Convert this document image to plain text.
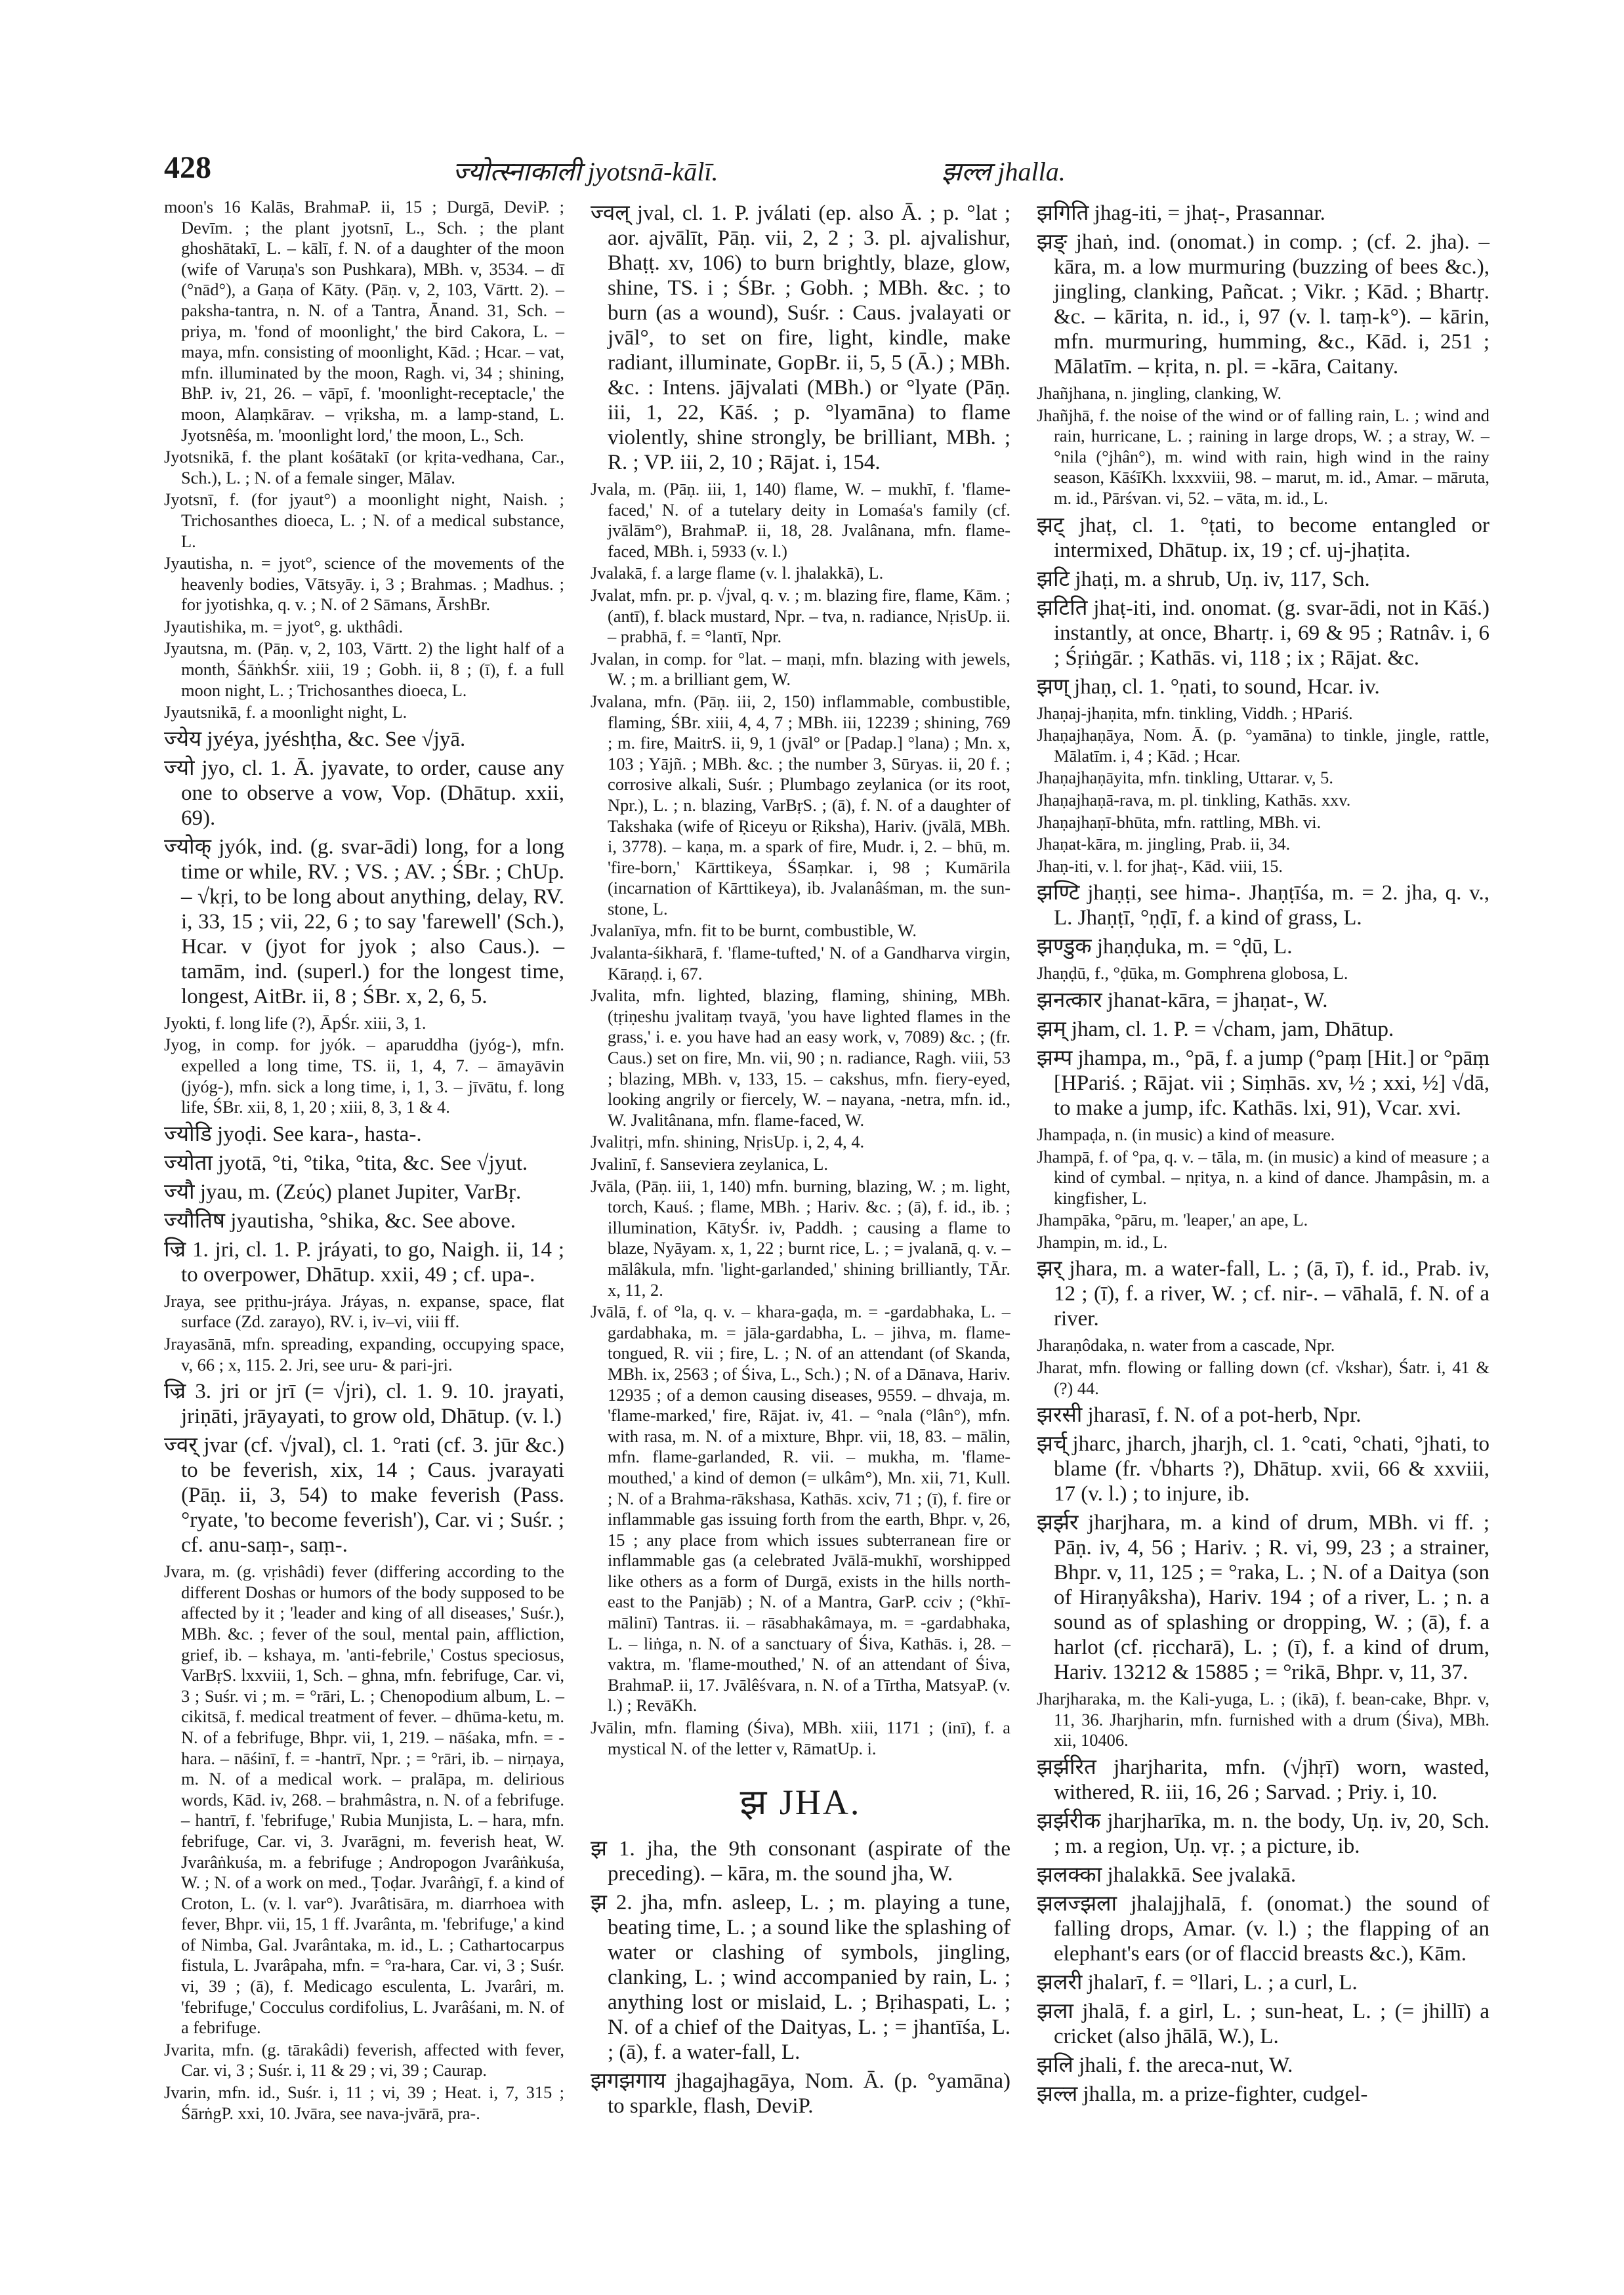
428	ज्योत्स्नाकाली jyotsnā-kālī.	झल्ल jhalla.

moon's 16 Kalās, BrahmaP. ii, 15 ; Durgā, DeviP. ; Devīm. ; the plant jyotsnī, L., Sch. ; the plant ghoshātakī, L. – kālī, f. N. of a daughter of the moon (wife of Varuṇa's son Pushkara), MBh. v, 3534. – dī (°nād°), a Gaṇa of Kāty. (Pāṇ. v, 2, 103, Vārtt. 2). – paksha-tantra, n. N. of a Tantra, Ānand. 31, Sch. – priya, m. 'fond of moonlight,' the bird Cakora, L. – maya, mfn. consisting of moonlight, Kād. ; Hcar. – vat, mfn. illuminated by the moon, Ragh. vi, 34 ; shining, BhP. iv, 21, 26. – vāpī, f. 'moonlight-receptacle,' the moon, Alaṃkārav. – vṛiksha, m. a lamp-stand, L. Jyotsnêśa, m. 'moonlight lord,' the moon, L., Sch.

Jyotsnikā, f. the plant kośātakī (or kṛita-vedhana, Car., Sch.), L. ; N. of a female singer, Mālav.

Jyotsnī, f. (for jyaut°) a moonlight night, Naish. ; Trichosanthes dioeca, L. ; N. of a medical substance, L.

Jyautisha, n. = jyot°, science of the movements of the heavenly bodies, Vātsyāy. i, 3 ; Brahmas. ; Madhus. ; for jyotishka, q. v. ; N. of 2 Sāmans, ĀrshBr.

Jyautishika, m. = jyot°, g. ukthâdi.

Jyautsna, m. (Pāṇ. v, 2, 103, Vārtt. 2) the light half of a month, ŚāṅkhŚr. xiii, 19 ; Gobh. ii, 8 ; (ī), f. a full moon night, L. ; Trichosanthes dioeca, L.

Jyautsnikā, f. a moonlight night, L.

ज्येय jyéya, jyéshṭha, &c. See √jyā.

ज्यो jyo, cl. 1. Ā. jyavate, to order, cause any one to observe a vow, Vop. (Dhātup. xxii, 69).

ज्योक् jyók, ind. (g. svar-ādi) long, for a long time or while, RV. ; VS. ; AV. ; ŚBr. ; ChUp. – √kṛi, to be long about anything, delay, RV. i, 33, 15 ; vii, 22, 6 ; to say 'farewell' (Sch.), Hcar. v (jyot for jyok ; also Caus.). – tamām, ind. (superl.) for the longest time, longest, AitBr. ii, 8 ; ŚBr. x, 2, 6, 5.

Jyokti, f. long life (?), ĀpŚr. xiii, 3, 1.

Jyog, in comp. for jyók. – aparuddha (jyóg-), mfn. expelled a long time, TS. ii, 1, 4, 7. – āmayāvin (jyóg-), mfn. sick a long time, i, 1, 3. – jīvātu, f. long life, ŚBr. xii, 8, 1, 20 ; xiii, 8, 3, 1 & 4.

ज्योडि jyoḍi. See kara-, hasta-.

ज्योता jyotā, °ti, °tika, °tita, &c. See √jyut.

ज्यौ jyau, m. (Ζεύς) planet Jupiter, VarBṛ.

ज्यौतिष jyautisha, °shika, &c. See above.

ज्रि 1. jri, cl. 1. P. jráyati, to go, Naigh. ii, 14 ; to overpower, Dhātup. xxii, 49 ; cf. upa-.

Jraya, see pṛithu-jráya. Jráyas, n. expanse, space, flat surface (Zd. zarayo), RV. i, iv–vi, viii ff.

Jrayasānā, mfn. spreading, expanding, occupying space, v, 66 ; x, 115. 2. Jri, see uru- & pari-jri.

ज्रि 3. jri or jrī (= √jri), cl. 1. 9. 10. jrayati, jriṇāti, jrāyayati, to grow old, Dhātup. (v. l.)

ज्वर् jvar (cf. √jval), cl. 1. °rati (cf. 3. jūr &c.) to be feverish, xix, 14 ; Caus. jvarayati (Pāṇ. ii, 3, 54) to make feverish (Pass. °ryate, 'to become feverish'), Car. vi ; Suśr. ; cf. anu-saṃ-, saṃ-.

Jvara, m. (g. vṛishâdi) fever (differing according to the different Doshas or humors of the body supposed to be affected by it ; 'leader and king of all diseases,' Suśr.), MBh. &c. ; fever of the soul, mental pain, affliction, grief, ib. – kshaya, m. 'anti-febrile,' Costus speciosus, VarBṛS. lxxviii, 1, Sch. – ghna, mfn. febrifuge, Car. vi, 3 ; Suśr. vi ; m. = °rāri, L. ; Chenopodium album, L. – cikitsā, f. medical treatment of fever. – dhūma-ketu, m. N. of a febrifuge, Bhpr. vii, 1, 219. – nāśaka, mfn. = -hara. – nāśinī, f. = -hantrī, Npr. ; = °rāri, ib. – nirṇaya, m. N. of a medical work. – pralāpa, m. delirious words, Kād. iv, 268. – brahmâstra, n. N. of a febrifuge. – hantrī, f. 'febrifuge,' Rubia Munjista, L. – hara, mfn. febrifuge, Car. vi, 3. Jvarāgni, m. feverish heat, W. Jvarâṅkuśa, m. a febrifuge ; Andropogon Jvarâṅkuśa, W. ; N. of a work on med., Ṭoḍar. Jvarâṅgī, f. a kind of Croton, L. (v. l. var°). Jvarâtisāra, m. diarrhoea with fever, Bhpr. vii, 15, 1 ff. Jvarânta, m. 'febrifuge,' a kind of Nimba, Gal. Jvarântaka, m. id., L. ; Cathartocarpus fistula, L. Jvarâpaha, mfn. = °ra-hara, Car. vi, 3 ; Suśr. vi, 39 ; (ā), f. Medicago esculenta, L. Jvarâri, m. 'febrifuge,' Cocculus cordifolius, L. Jvarâśani, m. N. of a febrifuge.

Jvarita, mfn. (g. tārakâdi) feverish, affected with fever, Car. vi, 3 ; Suśr. i, 11 & 29 ; vi, 39 ; Caurap.

Jvarin, mfn. id., Suśr. i, 11 ; vi, 39 ; Heat. i, 7, 315 ; ŚārṅgP. xxi, 10. Jvāra, see nava-jvārā, pra-.

ज्वल् jval, cl. 1. P. jválati (ep. also Ā. ; p. °lat ; aor. ajvālīt, Pāṇ. vii, 2, 2 ; 3. pl. ajvalishur, Bhaṭṭ. xv, 106) to burn brightly, blaze, glow, shine, TS. i ; ŚBr. ; Gobh. ; MBh. &c. ; to burn (as a wound), Suśr. : Caus. jvalayati or jvāl°, to set on fire, light, kindle, make radiant, illuminate, GopBr. ii, 5, 5 (Ā.) ; MBh. &c. : Intens. jājvalati (MBh.) or °lyate (Pāṇ. iii, 1, 22, Kāś. ; p. °lyamāna) to flame violently, shine strongly, be brilliant, MBh. ; R. ; VP. iii, 2, 10 ; Rājat. i, 154.

Jvala, m. (Pāṇ. iii, 1, 140) flame, W. – mukhī, f. 'flame-faced,' N. of a tutelary deity in Lomaśa's family (cf. jvālām°), BrahmaP. ii, 18, 28. Jvalânana, mfn. flame-faced, MBh. i, 5933 (v. l.)

Jvalakā, f. a large flame (v. l. jhalakkā), L.

Jvalat, mfn. pr. p. √jval, q. v. ; m. blazing fire, flame, Kām. ; (antī), f. black mustard, Npr. – tva, n. radiance, NṛisUp. ii. – prabhā, f. = °lantī, Npr.

Jvalan, in comp. for °lat. – maṇi, mfn. blazing with jewels, W. ; m. a brilliant gem, W.

Jvalana, mfn. (Pāṇ. iii, 2, 150) inflammable, combustible, flaming, ŚBr. xiii, 4, 4, 7 ; MBh. iii, 12239 ; shining, 769 ; m. fire, MaitrS. ii, 9, 1 (jvāl° or [Padap.] °lana) ; Mn. x, 103 ; Yājñ. ; MBh. &c. ; the number 3, Sūryas. ii, 20 f. ; corrosive alkali, Suśr. ; Plumbago zeylanica (or its root, Npr.), L. ; n. blazing, VarBṛS. ; (ā), f. N. of a daughter of Takshaka (wife of Ṛiceyu or Ṛiksha), Hariv. (jvālā, MBh. i, 3778). – kaṇa, m. a spark of fire, Mudr. i, 2. – bhū, m. 'fire-born,' Kārttikeya, ŚSaṃkar. i, 98 ; Kumārila (incarnation of Kārttikeya), ib. Jvalanâśman, m. the sun-stone, L.

Jvalanīya, mfn. fit to be burnt, combustible, W.

Jvalanta-śikharā, f. 'flame-tufted,' N. of a Gandharva virgin, Kāraṇḍ. i, 67.

Jvalita, mfn. lighted, blazing, flaming, shining, MBh. (tṛiṇeshu jvalitaṃ tvayā, 'you have lighted flames in the grass,' i. e. you have had an easy work, v, 7089) &c. ; (fr. Caus.) set on fire, Mn. vii, 90 ; n. radiance, Ragh. viii, 53 ; blazing, MBh. v, 133, 15. – cakshus, mfn. fiery-eyed, looking angrily or fiercely, W. – nayana, -netra, mfn. id., W. Jvalitânana, mfn. flame-faced, W.

Jvalitṛi, mfn. shining, NṛisUp. i, 2, 4, 4.

Jvalinī, f. Sanseviera zeylanica, L.

Jvāla, (Pāṇ. iii, 1, 140) mfn. burning, blazing, W. ; m. light, torch, Kauś. ; flame, MBh. ; Hariv. &c. ; (ā), f. id., ib. ; illumination, KātyŚr. iv, Paddh. ; causing a flame to blaze, Nyāyam. x, 1, 22 ; burnt rice, L. ; = jvalanā, q. v. – mālâkula, mfn. 'light-garlanded,' shining brilliantly, TĀr. x, 11, 2.

Jvālā, f. of °la, q. v. – khara-gaḍa, m. = -gardabhaka, L. – gardabhaka, m. = jāla-gardabha, L. – jihva, m. flame-tongued, R. vii ; fire, L. ; N. of an attendant (of Skanda, MBh. ix, 2563 ; of Śiva, L., Sch.) ; N. of a Dānava, Hariv. 12935 ; of a demon causing diseases, 9559. – dhvaja, m. 'flame-marked,' fire, Rājat. iv, 41. – °nala (°lân°), mfn. with rasa, m. N. of a mixture, Bhpr. vii, 18, 83. – mālin, mfn. flame-garlanded, R. vii. – mukha, m. 'flame-mouthed,' a kind of demon (= ulkâm°), Mn. xii, 71, Kull. ; N. of a Brahma-rākshasa, Kathās. xciv, 71 ; (ī), f. fire or inflammable gas issuing forth from the earth, Bhpr. v, 26, 15 ; any place from which issues subterranean fire or inflammable gas (a celebrated Jvālā-mukhī, worshipped like others as a form of Durgā, exists in the hills north-east to the Panjāb) ; N. of a Mantra, GarP. cciv ; (°khī-mālinī) Tantras. ii. – rāsabhakâmaya, m. = -gardabhaka, L. – liṅga, n. N. of a sanctuary of Śiva, Kathās. i, 28. – vaktra, m. 'flame-mouthed,' N. of an attendant of Śiva, BrahmaP. ii, 17. Jvālêśvara, n. N. of a Tīrtha, MatsyaP. (v. l.) ; RevāKh.

Jvālin, mfn. flaming (Śiva), MBh. xiii, 1171 ; (inī), f. a mystical N. of the letter v, RāmatUp. i.

झ JHA.

झ 1. jha, the 9th consonant (aspirate of the preceding). – kāra, m. the sound jha, W.

झ 2. jha, mfn. asleep, L. ; m. playing a tune, beating time, L. ; a sound like the splashing of water or clashing of symbols, jingling, clanking, L. ; wind accompanied by rain, L. ; anything lost or mislaid, L. ; Bṛihaspati, L. ; N. of a chief of the Daityas, L. ; = jhantīśa, L. ; (ā), f. a water-fall, L.

झगझगाय jhagajhagāya, Nom. Ā. (p. °yamāna) to sparkle, flash, DeviP.

झगिति jhag-iti, = jhaṭ-, Prasannar.

झङ् jhaṅ, ind. (onomat.) in comp. ; (cf. 2. jha). – kāra, m. a low murmuring (buzzing of bees &c.), jingling, clanking, Pañcat. ; Vikr. ; Kād. ; Bhartṛ. &c. – kārita, n. id., i, 97 (v. l. taṃ-k°). – kārin, mfn. murmuring, humming, &c., Kād. i, 251 ; Mālatīm. – kṛita, n. pl. = -kāra, Caitany.

Jhañjhana, n. jingling, clanking, W.

Jhañjhā, f. the noise of the wind or of falling rain, L. ; wind and rain, hurricane, L. ; raining in large drops, W. ; a stray, W. – °nila (°jhân°), m. wind with rain, high wind in the rainy season, KāśīKh. lxxxviii, 98. – marut, m. id., Amar. – māruta, m. id., Pārśvan. vi, 52. – vāta, m. id., L.

झट् jhaṭ, cl. 1. °ṭati, to become entangled or intermixed, Dhātup. ix, 19 ; cf. uj-jhaṭita.

झटि jhaṭi, m. a shrub, Uṇ. iv, 117, Sch.

झटिति jhaṭ-iti, ind. onomat. (g. svar-ādi, not in Kāś.) instantly, at once, Bhartṛ. i, 69 & 95 ; Ratnâv. i, 6 ; Śṛiṅgār. ; Kathās. vi, 118 ; ix ; Rājat. &c.

झण् jhaṇ, cl. 1. °ṇati, to sound, Hcar. iv.

Jhaṇaj-jhaṇita, mfn. tinkling, Viddh. ; HPariś.

Jhaṇajhaṇāya, Nom. Ā. (p. °yamāna) to tinkle, jingle, rattle, Mālatīm. i, 4 ; Kād. ; Hcar.

Jhaṇajhaṇāyita, mfn. tinkling, Uttarar. v, 5.

Jhaṇajhaṇā-rava, m. pl. tinkling, Kathās. xxv.

Jhaṇajhaṇī-bhūta, mfn. rattling, MBh. vi.

Jhaṇat-kāra, m. jingling, Prab. ii, 34.

Jhaṇ-iti, v. l. for jhaṭ-, Kād. viii, 15.

झण्टि jhaṇṭi, see hima-. Jhaṇṭīśa, m. = 2. jha, q. v., L. Jhaṇṭī, °ṇḍī, f. a kind of grass, L.

झण्डुक jhaṇḍuka, m. = °ḍū, L.

Jhaṇḍū, f., °ḍūka, m. Gomphrena globosa, L.

झनत्कार jhanat-kāra, = jhaṇat-, W.

झम् jham, cl. 1. P. = √cham, jam, Dhātup.

झम्प jhampa, m., °pā, f. a jump (°paṃ [Hit.] or °pāṃ [HPariś. ; Rājat. vii ; Siṃhās. xv, ½ ; xxi, ½] √dā, to make a jump, ifc. Kathās. lxi, 91), Vcar. xvi.

Jhampaḍa, n. (in music) a kind of measure.

Jhampā, f. of °pa, q. v. – tāla, m. (in music) a kind of measure ; a kind of cymbal. – nṛitya, n. a kind of dance. Jhampâsin, m. a kingfisher, L.

Jhampāka, °pāru, m. 'leaper,' an ape, L.

Jhampin, m. id., L.

झर् jhara, m. a water-fall, L. ; (ā, ī), f. id., Prab. iv, 12 ; (ī), f. a river, W. ; cf. nir-. – vāhalā, f. N. of a river.

Jharaṇôdaka, n. water from a cascade, Npr.

Jharat, mfn. flowing or falling down (cf. √kshar), Śatr. i, 41 & (?) 44.

झरसी jharasī, f. N. of a pot-herb, Npr.

झर्च् jharc, jharch, jharjh, cl. 1. °cati, °chati, °jhati, to blame (fr. √bharts ?), Dhātup. xvii, 66 & xxviii, 17 (v. l.) ; to injure, ib.

झर्झर jharjhara, m. a kind of drum, MBh. vi ff. ; Pāṇ. iv, 4, 56 ; Hariv. ; R. vi, 99, 23 ; a strainer, Bhpr. v, 11, 125 ; = °raka, L. ; N. of a Daitya (son of Hiraṇyâksha), Hariv. 194 ; of a river, L. ; n. a sound as of splashing or dropping, W. ; (ā), f. a harlot (cf. ṛiccharā), L. ; (ī), f. a kind of drum, Hariv. 13212 & 15885 ; = °rikā, Bhpr. v, 11, 37.

Jharjharaka, m. the Kali-yuga, L. ; (ikā), f. bean-cake, Bhpr. v, 11, 36. Jharjharin, mfn. furnished with a drum (Śiva), MBh. xii, 10406.

झर्झरित jharjharita, mfn. (√jhṛī) worn, wasted, withered, R. iii, 16, 26 ; Sarvad. ; Priy. i, 10.

झर्झरीक jharjharīka, m. n. the body, Uṇ. iv, 20, Sch. ; m. a region, Uṇ. vṛ. ; a picture, ib.

झलक्का jhalakkā. See jvalakā.

झलज्झला jhalajjhalā, f. (onomat.) the sound of falling drops, Amar. (v. l.) ; the flapping of an elephant's ears (or of flaccid breasts &c.), Kām.

झलरी jhalarī, f. = °llari, L. ; a curl, L.

झला jhalā, f. a girl, L. ; sun-heat, L. ; (= jhillī) a cricket (also jhālā, W.), L.

झलि jhali, f. the areca-nut, W.

झल्ल jhalla, m. a prize-fighter, cudgel-
